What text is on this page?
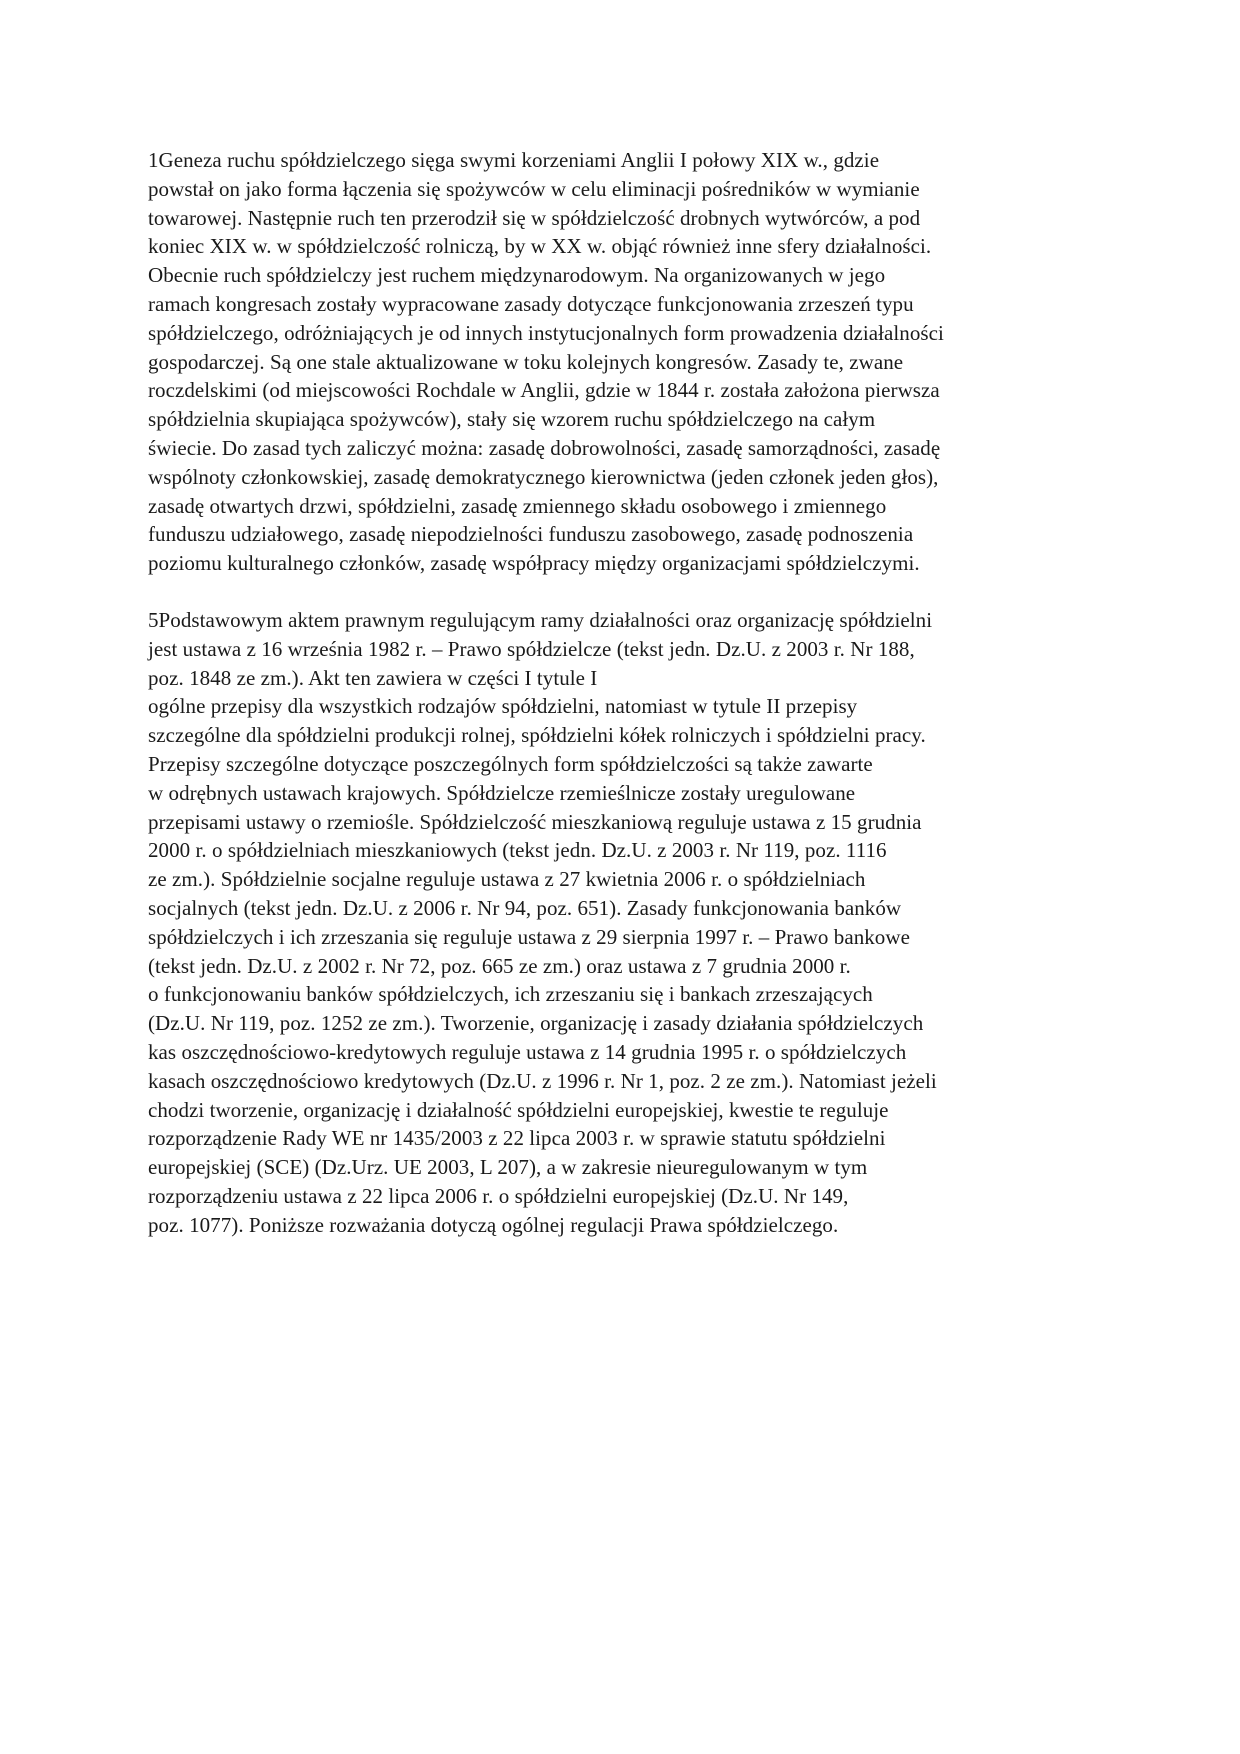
1Geneza ruchu spółdzielczego sięga swymi korzeniami Anglii I połowy XIX w., gdzie
powstał on jako forma łączenia się spożywców w celu eliminacji pośredników w wymianie
towarowej. Następnie ruch ten przerodził się w spółdzielczość drobnych wytwórców, a pod
koniec XIX w. w spółdzielczość rolniczą, by w XX w. objąć również inne sfery działalności.
Obecnie ruch spółdzielczy jest ruchem międzynarodowym. Na organizowanych w jego
ramach kongresach zostały wypracowane zasady dotyczące funkcjonowania zrzeszeń typu
spółdzielczego, odróżniających je od innych instytucjonalnych form prowadzenia działalności
gospodarczej. Są one stale aktualizowane w toku kolejnych kongresów. Zasady te, zwane
roczdelskimi (od miejscowości Rochdale w Anglii, gdzie w 1844 r. została założona pierwsza
spółdzielnia skupiająca spożywców), stały się wzorem ruchu spółdzielczego na całym
świecie. Do zasad tych zaliczyć można: zasadę dobrowolności, zasadę samorządności, zasadę
wspólnoty członkowskiej, zasadę demokratycznego kierownictwa (jeden członek jeden głos),
zasadę otwartych drzwi, spółdzielni, zasadę zmiennego składu osobowego i zmiennego
funduszu udziałowego, zasadę niepodzielności funduszu zasobowego, zasadę podnoszenia
poziomu kulturalnego członków, zasadę współpracy między organizacjami spółdzielczymi.
5Podstawowym aktem prawnym regulującym ramy działalności oraz organizację spółdzielni
jest ustawa z 16 września 1982 r. – Prawo spółdzielcze (tekst jedn. Dz.U. z 2003 r. Nr 188,
poz. 1848 ze zm.). Akt ten zawiera w części I tytule I
ogólne przepisy dla wszystkich rodzajów spółdzielni, natomiast w tytule II przepisy
szczególne dla spółdzielni produkcji rolnej, spółdzielni kółek rolniczych i spółdzielni pracy.
Przepisy szczególne dotyczące poszczególnych form spółdzielczości są także zawarte
w odrębnych ustawach krajowych. Spółdzielcze rzemieślnicze zostały uregulowane
przepisami ustawy o rzemiośle. Spółdzielczość mieszkaniową reguluje ustawa z 15 grudnia
2000 r. o spółdzielniach mieszkaniowych (tekst jedn. Dz.U. z 2003 r. Nr 119, poz. 1116
ze zm.). Spółdzielnie socjalne reguluje ustawa z 27 kwietnia 2006 r. o spółdzielniach
socjalnych (tekst jedn. Dz.U. z 2006 r. Nr 94, poz. 651). Zasady funkcjonowania banków
spółdzielczych i ich zrzeszania się reguluje ustawa z 29 sierpnia 1997 r. – Prawo bankowe
(tekst jedn. Dz.U. z 2002 r. Nr 72, poz. 665 ze zm.) oraz ustawa z 7 grudnia 2000 r.
o funkcjonowaniu banków spółdzielczych, ich zrzeszaniu się i bankach zrzeszających
(Dz.U. Nr 119, poz. 1252 ze zm.). Tworzenie, organizację i zasady działania spółdzielczych
kas oszczędnościowo-kredytowych reguluje ustawa z 14 grudnia 1995 r. o spółdzielczych
kasach oszczędnościowo kredytowych (Dz.U. z 1996 r. Nr 1, poz. 2 ze zm.). Natomiast jeżeli
chodzi tworzenie, organizację i działalność spółdzielni europejskiej, kwestie te reguluje
rozporządzenie Rady WE nr 1435/2003 z 22 lipca 2003 r. w sprawie statutu spółdzielni
europejskiej (SCE) (Dz.Urz. UE 2003, L 207), a w zakresie nieuregulowanym w tym
rozporządzeniu ustawa z 22 lipca 2006 r. o spółdzielni europejskiej (Dz.U. Nr 149,
poz. 1077). Poniższe rozważania dotyczą ogólnej regulacji Prawa spółdzielczego.
